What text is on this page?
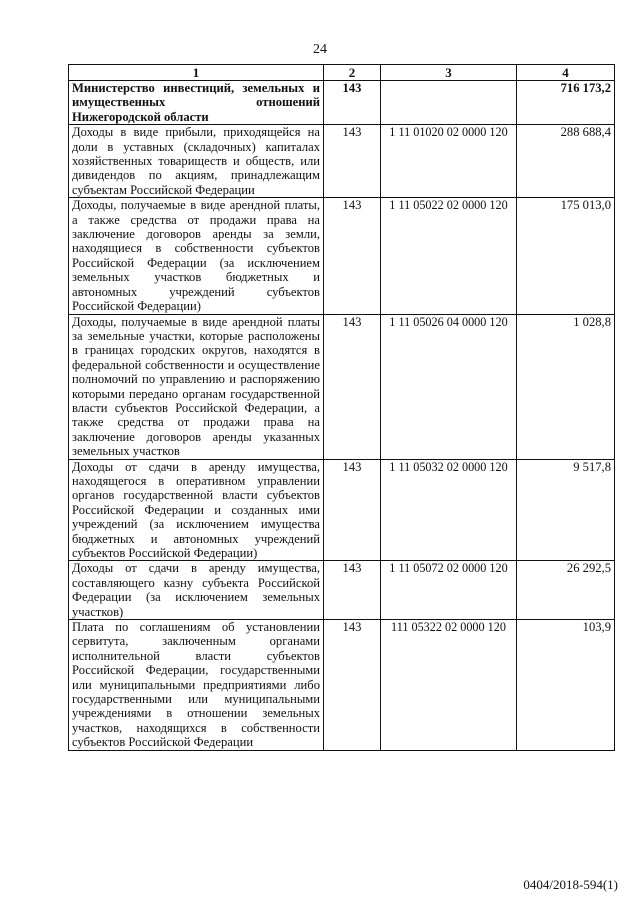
24
1	2	3	4
Министерство инвестиций, земельных и имущественных отношений Нижегородской области	143		716 173,2
Доходы в виде прибыли, приходящейся на доли в уставных (складочных) капиталах хозяйственных товариществ и обществ, или дивидендов по акциям, принадлежащим субъектам Российской Федерации	143	1 11 01020 02 0000 120	288 688,4
Доходы, получаемые в виде арендной платы, а также средства от продажи права на заключение договоров аренды за земли, находящиеся в собственности субъектов Российской Федерации (за исключением земельных участков бюджетных и автономных учреждений субъектов Российской Федерации)	143	1 11 05022 02 0000 120	175 013,0
Доходы, получаемые в виде арендной платы за земельные участки, которые расположены в границах городских округов, находятся в федеральной собственности и осуществление полномочий по управлению и распоряжению которыми передано органам государственной власти субъектов Российской Федерации, а также средства от продажи права на заключение договоров аренды указанных земельных участков	143	1 11 05026 04 0000 120	1 028,8
Доходы от сдачи в аренду имущества, находящегося в оперативном управлении органов государственной власти субъектов Российской Федерации и созданных ими учреждений (за исключением имущества бюджетных и автономных учреждений субъектов Российской Федерации)	143	1 11 05032 02 0000 120	9 517,8
Доходы от сдачи в аренду имущества, составляющего казну субъекта Российской Федерации (за исключением земельных участков)	143	1 11 05072 02 0000 120	26 292,5
Плата по соглашениям об установлении сервитута, заключенным органами исполнительной власти субъектов Российской Федерации, государственными или муниципальными предприятиями либо государственными или муниципальными учреждениями в отношении земельных участков, находящихся в собственности субъектов Российской Федерации	143	111 05322 02 0000 120	103,9
0404/2018-594(1)
